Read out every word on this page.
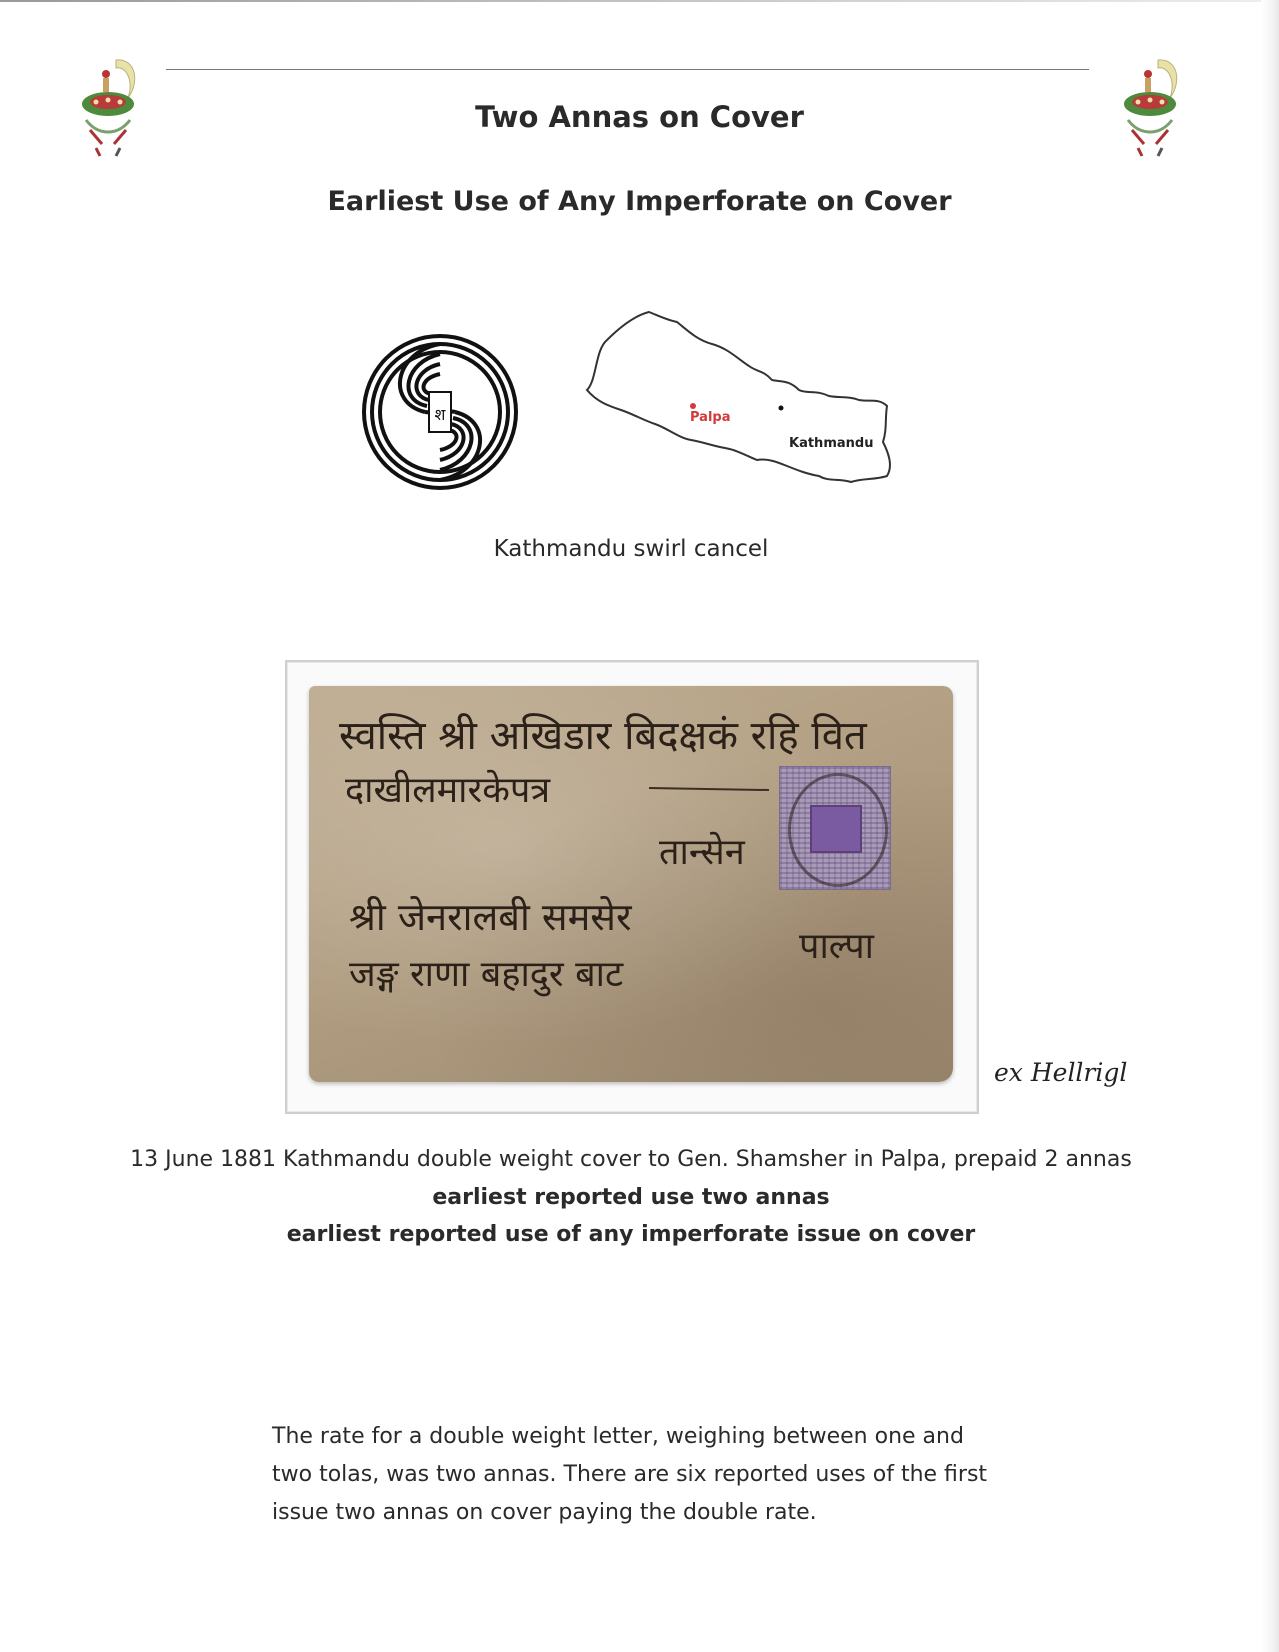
Two Annas on Cover
Earliest Use of Any Imperforate on Cover
श	Palpa
Kathmandu
Kathmandu swirl cancel
स्वस्ति श्री अखिडार बिदक्षकं रहि वित
दाखीलमारकेपत्र
तान्सेन
श्री जेनरालबी समसेर
जङ्ग राणा बहादुर बाट
पाल्पा
ex Hellrigl
13 June 1881 Kathmandu double weight cover to Gen. Shamsher in Palpa, prepaid 2 annas
earliest reported use two annas
earliest reported use of any imperforate issue on cover
The rate for a double weight letter, weighing between one and
two tolas, was two annas. There are six reported uses of the first
issue two annas on cover paying the double rate.
